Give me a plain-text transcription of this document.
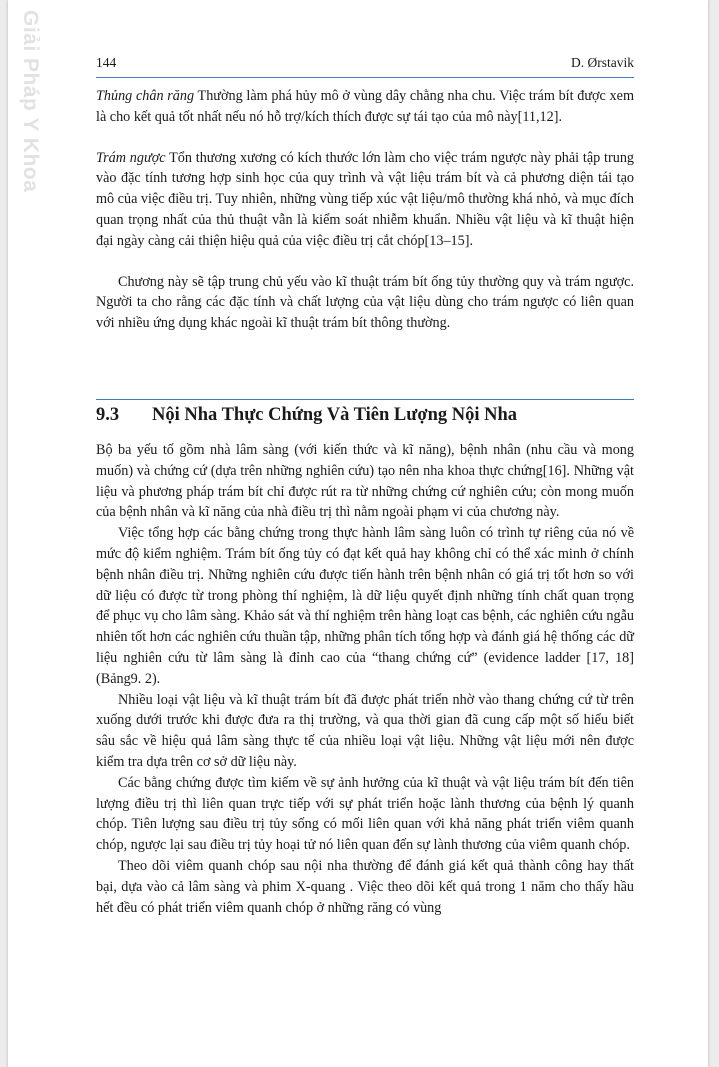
Giải Pháp Y Khoa	144	D. Ørstavik

Thủng chân răng Thường làm phá hủy mô ở vùng dây chằng nha chu. Việc trám bít được xem là cho kết quả tốt nhất nếu nó hỗ trợ/kích thích được sự tái tạo của mô này[11,12].

Trám ngược Tổn thương xương có kích thước lớn làm cho việc trám ngược này phải tập trung vào đặc tính tương hợp sinh học của quy trình và vật liệu trám bít và cả phương diện tái tạo mô của việc điều trị. Tuy nhiên, những vùng tiếp xúc vật liệu/mô thường khá nhỏ, và mục đích quan trọng nhất của thủ thuật vẫn là kiểm soát nhiễm khuẩn. Nhiều vật liệu và kĩ thuật hiện đại ngày càng cải thiện hiệu quả của việc điều trị cắt chóp[13–15].

Chương này sẽ tập trung chủ yếu vào kĩ thuật trám bít ống tủy thường quy và trám ngược. Người ta cho rằng các đặc tính và chất lượng của vật liệu dùng cho trám ngược có liên quan với nhiều ứng dụng khác ngoài kĩ thuật trám bít thông thường.

9.3 Nội Nha Thực Chứng Và Tiên Lượng Nội Nha

Bộ ba yếu tố gồm nhà lâm sàng (với kiến thức và kĩ năng), bệnh nhân (nhu cầu và mong muốn) và chứng cứ (dựa trên những nghiên cứu) tạo nên nha khoa thực chứng[16]. Những vật liệu và phương pháp trám bít chỉ được rút ra từ những chứng cứ nghiên cứu; còn mong muốn của bệnh nhân và kĩ năng của nhà điều trị thì nằm ngoài phạm vi của chương này.

Việc tổng hợp các bằng chứng trong thực hành lâm sàng luôn có trình tự riêng của nó về mức độ kiểm nghiệm. Trám bít ống tủy có đạt kết quả hay không chỉ có thể xác minh ở chính bệnh nhân điều trị. Những nghiên cứu được tiến hành trên bệnh nhân có giá trị tốt hơn so với dữ liệu có được từ trong phòng thí nghiệm, là dữ liệu quyết định những tính chất quan trọng để phục vụ cho lâm sàng. Khảo sát và thí nghiệm trên hàng loạt cas bệnh, các nghiên cứu ngẫu nhiên tốt hơn các nghiên cứu thuần tập, những phân tích tổng hợp và đánh giá hệ thống các dữ liệu nghiên cứu từ lâm sàng là đỉnh cao của “thang chứng cứ” (evidence ladder [17, 18] (Bảng9. 2).

Nhiều loại vật liệu và kĩ thuật trám bít đã được phát triển nhờ vào thang chứng cứ từ trên xuống dưới trước khi được đưa ra thị trường, và qua thời gian đã cung cấp một số hiểu biết sâu sắc về hiệu quả lâm sàng thực tế của nhiều loại vật liệu. Những vật liệu mới nên được kiểm tra dựa trên cơ sở dữ liệu này.

Các bằng chứng được tìm kiếm về sự ảnh hưởng của kĩ thuật và vật liệu trám bít đến tiên lượng điều trị thì liên quan trực tiếp với sự phát triển hoặc lành thương của bệnh lý quanh chóp. Tiên lượng sau điều trị tủy sống có mối liên quan với khả năng phát triển viêm quanh chóp, ngược lại sau điều trị tủy hoại tử nó liên quan đến sự lành thương của viêm quanh chóp.

Theo dõi viêm quanh chóp sau nội nha thường để đánh giá kết quả thành công hay thất bại, dựa vào cả lâm sàng và phim X-quang . Việc theo dõi kết quả trong 1 năm cho thấy hầu hết đều có phát triển viêm quanh chóp ở những răng có vùng
